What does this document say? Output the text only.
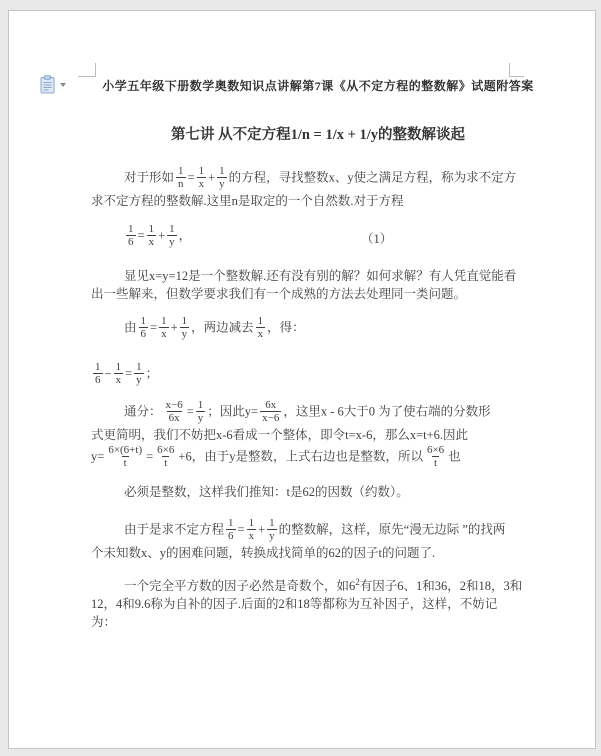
小学五年级下册数学奥数知识点讲解第7课《从不定方程的整数解》试题附答案
第七讲 从不定方程1/n = 1/x + 1/y的整数解谈起
对于形如 $\frac{1}{n} = \frac{1}{x} + \frac{1}{y}$ 的方程，寻找整数x、y使之满足方程，称为求不定方
求不定方程的整数解.这里n是取定的一个自然数.对于方程
$\frac{1}{6} = \frac{1}{x} + \frac{1}{y}$ ，	（1）
显见x=y=12是一个整数解.还有没有别的解？如何求解？有人凭直觉能看
出一些解来，但数学要求我们有一个成熟的方法去处理同一类问题。
由 $\frac{1}{6} = \frac{1}{x} + \frac{1}{y}$ ，两边减去 $\frac{1}{x}$ ，得：
$\frac{1}{6} - \frac{1}{x} = \frac{1}{y}$ ；
通分： $\frac{x-6}{6x} = \frac{1}{y}$ ；因此$y= \frac{6x}{x-6}$ ，这里x - 6大于0 为了使右端的分数形
式更简明，我们不妨把x-6看成一个整体，即令t=x-6，那么x=t+6.因此
$y= \frac{6\times(6+t)}{t} = \frac{6\times 6}{t} +6$，由于y是整数，上式右边也是整数，所以 $\frac{6\times 6}{t}$ 也
必须是整数，这样我们推知：t是62的因数（约数）。
由于是求不定方程 $\frac{1}{6} = \frac{1}{x} + \frac{1}{y}$ 的整数解，这样，原先“漫无边际 ”的找两
个未知数x、y的困难问题，转换成找简单的62的因子t的问题了.
一个完全平方数的因子必然是奇数个，如$6^2$有因子6、1和36，2和18，3和
12，4和9.6称为自补的因子.后面的2和18等都称为互补因子，这样，不妨记
为：
